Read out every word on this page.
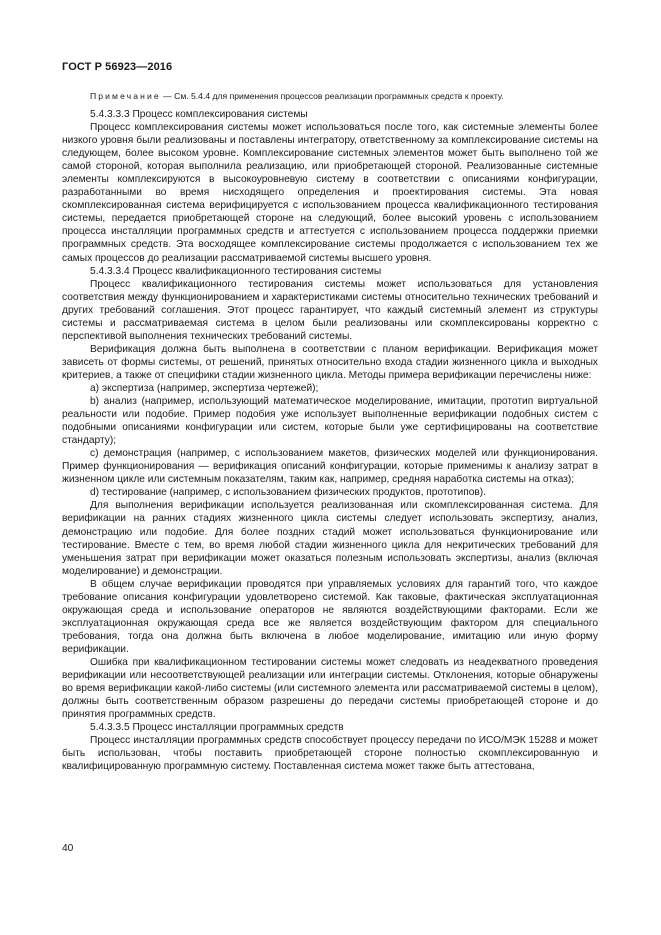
ГОСТ Р 56923—2016

Примечание — См. 5.4.4 для применения процессов реализации программных средств к проекту.

5.4.3.3.3 Процесс комплексирования системы

Процесс комплексирования системы может использоваться после того, как системные элементы более низкого уровня были реализованы и поставлены интегратору, ответственному за комплексирование системы на следующем, более высоком уровне. Комплексирование системных элементов может быть выполнено той же самой стороной, которая выполнила реализацию, или приобретающей стороной. Реализованные системные элементы комплексируются в высокоуровневую систему в соответствии с описаниями конфигурации, разработанными во время нисходящего определения и проектирования системы. Эта новая скомплексированная система верифицируется с использованием процесса квалификационного тестирования системы, передается приобретающей стороне на следующий, более высокий уровень с использованием процесса инсталляции программных средств и аттестуется с использованием процесса поддержки приемки программных средств. Эта восходящее комплексирование системы продолжается с использованием тех же самых процессов до реализации рассматриваемой системы высшего уровня.

5.4.3.3.4 Процесс квалификационного тестирования системы

Процесс квалификационного тестирования системы может использоваться для установления соответствия между функционированием и характеристиками системы относительно технических требований и других требований соглашения. Этот процесс гарантирует, что каждый системный элемент из структуры системы и рассматриваемая система в целом были реализованы или скомплексированы корректно с перспективой выполнения технических требований системы.

Верификация должна быть выполнена в соответствии с планом верификации. Верификация может зависеть от формы системы, от решений, принятых относительно входа стадии жизненного цикла и выходных критериев, а также от специфики стадии жизненного цикла. Методы примера верификации перечислены ниже:

a) экспертиза (например, экспертиза чертежей);

b) анализ (например, использующий математическое моделирование, имитации, прототип виртуальной реальности или подобие. Пример подобия уже использует выполненные верификации подобных систем с подобными описаниями конфигурации или систем, которые были уже сертифицированы на соответствие стандарту);

c) демонстрация (например, с использованием макетов, физических моделей или функционирования. Пример функционирования — верификация описаний конфигурации, которые применимы к анализу затрат в жизненном цикле или системным показателям, таким как, например, средняя наработка системы на отказ);

d) тестирование (например, с использованием физических продуктов, прототипов).

Для выполнения верификации используется реализованная или скомплексированная система. Для верификации на ранних стадиях жизненного цикла системы следует использовать экспертизу, анализ, демонстрацию или подобие. Для более поздних стадий может использоваться функционирование или тестирование. Вместе с тем, во время любой стадии жизненного цикла для некритических требований для уменьшения затрат при верификации может оказаться полезным использовать экспертизы, анализ (включая моделирование) и демонстрации.

В общем случае верификации проводятся при управляемых условиях для гарантий того, что каждое требование описания конфигурации удовлетворено системой. Как таковые, фактическая эксплуатационная окружающая среда и использование операторов не являются воздействующими факторами. Если же эксплуатационная окружающая среда все же является воздействующим фактором для специального требования, тогда она должна быть включена в любое моделирование, имитацию или иную форму верификации.

Ошибка при квалификационном тестировании системы может следовать из неадекватного проведения верификации или несоответствующей реализации или интеграции системы. Отклонения, которые обнаружены во время верификации какой-либо системы (или системного элемента или рассматриваемой системы в целом), должны быть соответственным образом разрешены до передачи системы приобретающей стороне и до принятия программных средств.

5.4.3.3.5 Процесс инсталляции программных средств

Процесс инсталляции программных средств способствует процессу передачи по ИСО/МЭК 15288 и может быть использован, чтобы поставить приобретающей стороне полностью скомплексированную и квалифицированную программную систему. Поставленная система может также быть аттестована,

40
